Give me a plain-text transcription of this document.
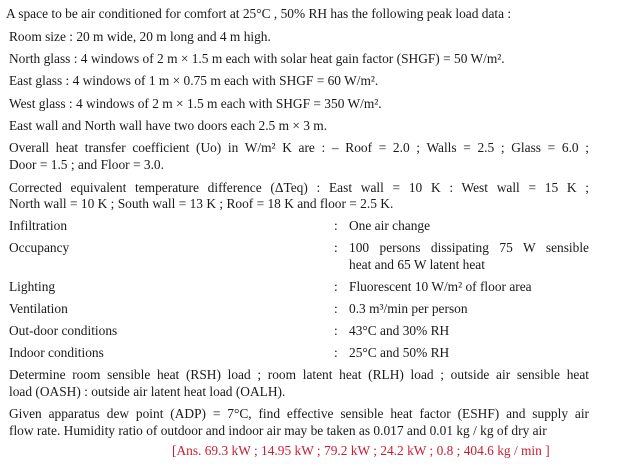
A space to be air conditioned for comfort at 25°C , 50% RH has the following peak load data :
Room size : 20 m wide, 20 m long and 4 m high.
North glass : 4 windows of 2 m × 1.5 m each with solar heat gain factor (SHGF) = 50 W/m².
East glass : 4 windows of 1 m × 0.75 m each with SHGF = 60 W/m².
West glass : 4 windows of 2 m × 1.5 m each with SHGF = 350 W/m².
East wall and North wall have two doors each 2.5 m × 3 m.
Overall heat transfer coefficient (Uo) in W/m² K are : – Roof = 2.0 ; Walls = 2.5 ; Glass = 6.0 ;
Door = 1.5 ; and Floor = 3.0.
Corrected equivalent temperature difference (ΔTeq) : East wall = 10 K : West wall = 15 K ;
North wall = 10 K ; South wall = 13 K ; Roof = 18 K and floor = 2.5 K.
Infiltration	: One air change
Occupancy	: 100 persons dissipating 75 W sensible
heat and 65 W latent heat
Lighting	: Fluorescent 10 W/m² of floor area
Ventilation	: 0.3 m³/min per person
Out-door conditions	: 43°C and 30% RH
Indoor conditions	: 25°C and 50% RH
Determine room sensible heat (RSH) load ; room latent heat (RLH) load ; outside air sensible heat
load (OASH) : outside air latent heat load (OALH).
Given apparatus dew point (ADP) = 7°C, find effective sensible heat factor (ESHF) and supply air
flow rate. Humidity ratio of outdoor and indoor air may be taken as 0.017 and 0.01 kg / kg of dry air
[Ans. 69.3 kW ; 14.95 kW ; 79.2 kW ; 24.2 kW ; 0.8 ; 404.6 kg / min ]
